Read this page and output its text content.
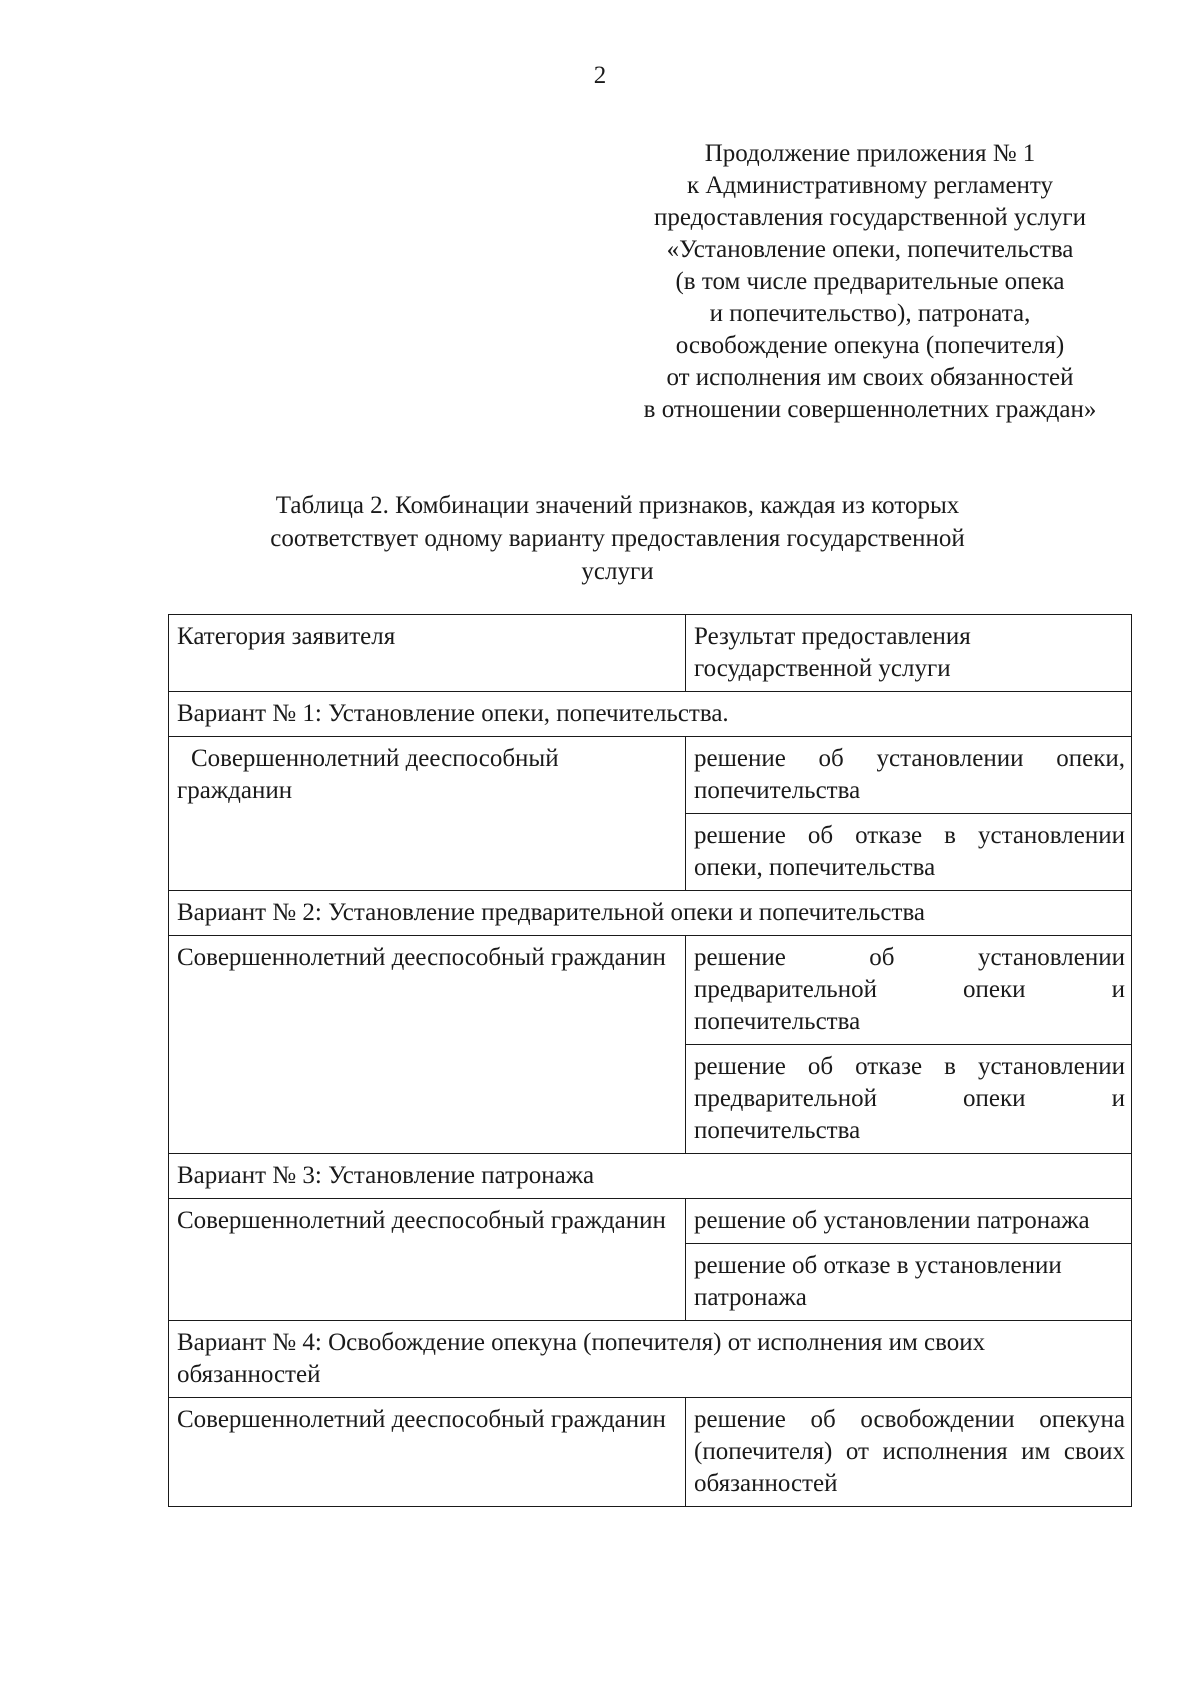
2
Продолжение приложения № 1
к Административному регламенту
предоставления государственной услуги
«Установление опеки, попечительства
(в том числе предварительные опека
и попечительство), патроната,
освобождение опекуна (попечителя)
от исполнения им своих обязанностей
в отношении совершеннолетних граждан»
Таблица 2. Комбинации значений признаков, каждая из которых
соответствует одному варианту предоставления государственной
услуги
Категория заявителя	Результат предоставления государственной услуги
Вариант № 1: Установление опеки, попечительства.	
Совершеннолетний дееспособный гражданин	решение об установлении опеки, попечительства
	решение об отказе в установлении опеки, попечительства
Вариант № 2: Установление предварительной опеки и попечительства	
Совершеннолетний дееспособный гражданин	решение об установлении предварительной опеки и попечительства
	решение об отказе в установлении предварительной опеки и попечительства
Вариант № 3: Установление патронажа	
Совершеннолетний дееспособный гражданин	решение об установлении патронажа
	решение об отказе в установлении патронажа
Вариант № 4: Освобождение опекуна (попечителя) от исполнения им своих обязанностей	
Совершеннолетний дееспособный гражданин	решение об освобождении опекуна (попечителя) от исполнения им своих обязанностей
